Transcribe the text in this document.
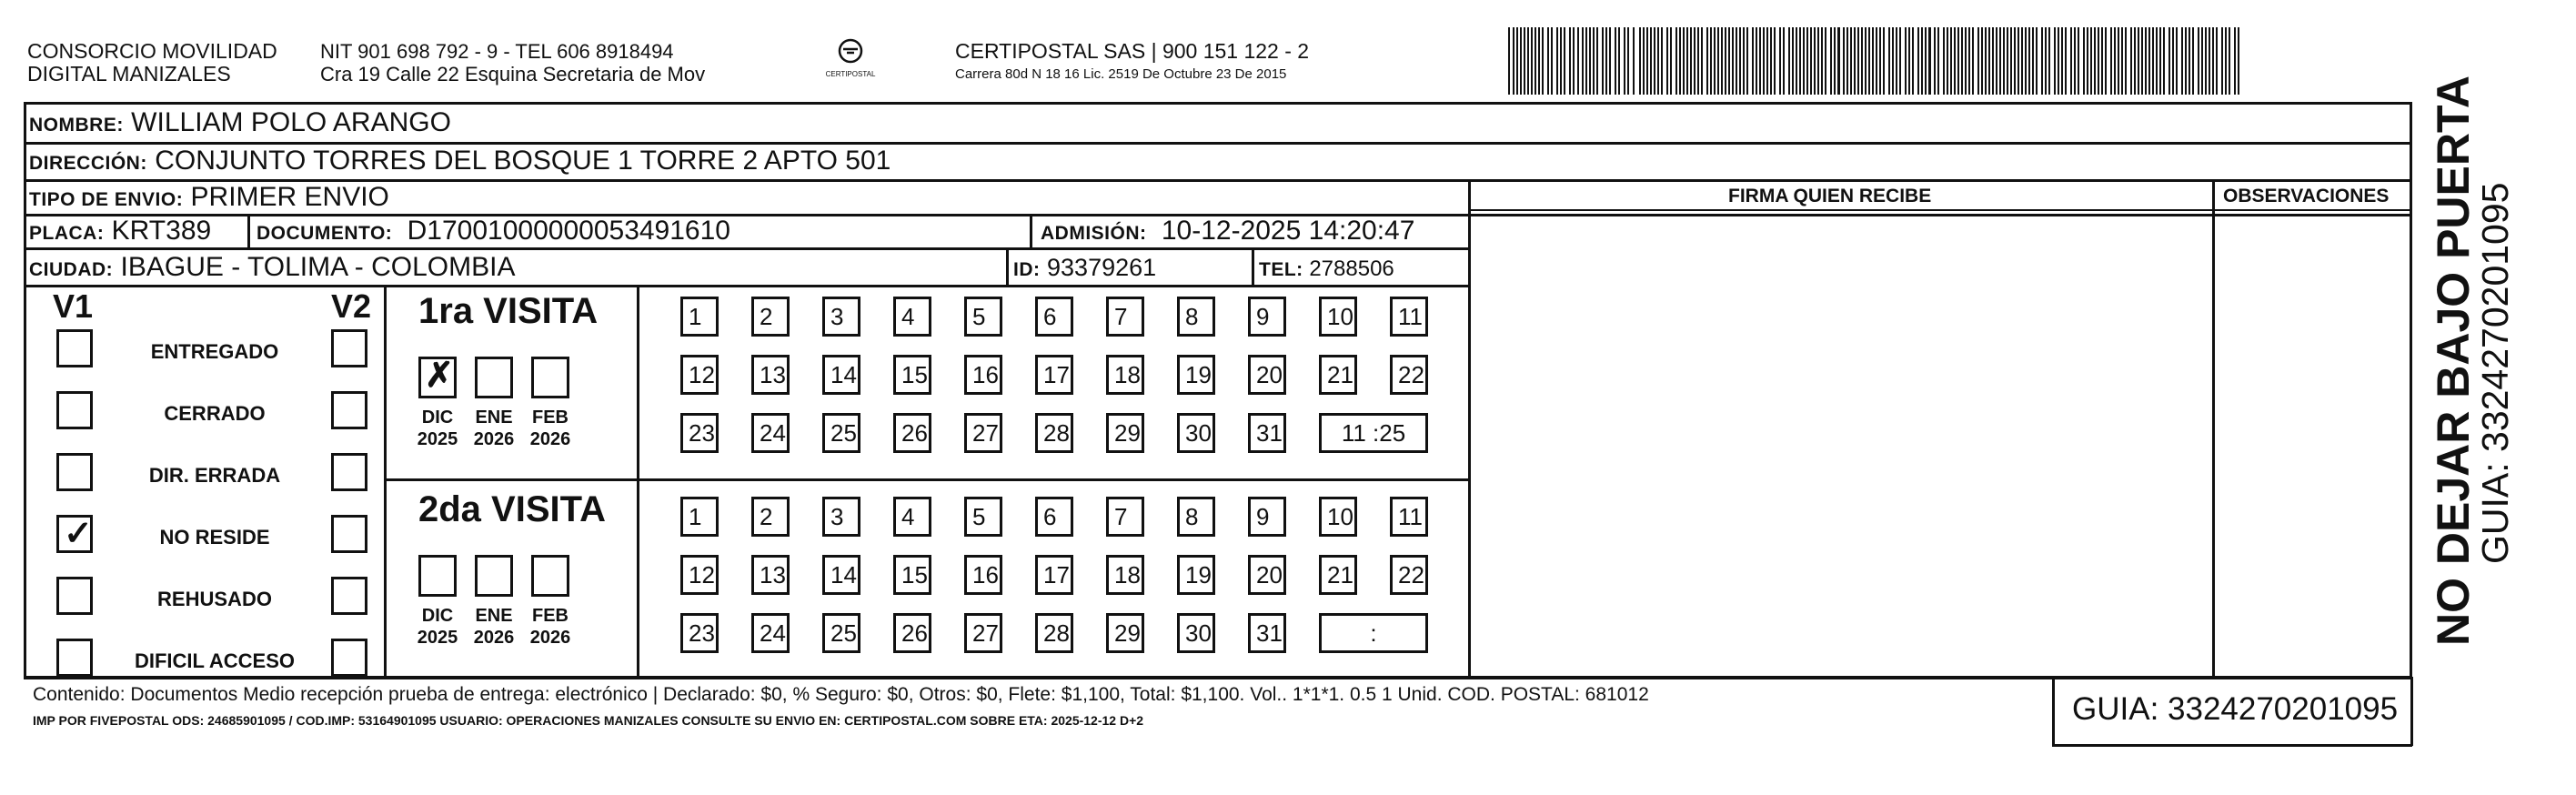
CONSORCIO MOVILIDAD
DIGITAL MANIZALES
NIT 901 698 792 - 9 - TEL 606 8918494
Cra 19 Calle 22 Esquina Secretaria de Mov	CERTIPOSTAL
CERTIPOSTAL SAS | 900 151 122 - 2
Carrera 80d N 18 16 Lic. 2519 De Octubre 23 De 2015
NOMBRE: WILLIAM POLO ARANGO
DIRECCIÓN: CONJUNTO TORRES DEL BOSQUE 1 TORRE 2 APTO 501
TIPO DE ENVIO: PRIMER ENVIO
PLACA: KRT389 DOCUMENTO: D17001000000053491610	ADMISIÓN: 10-12-2025 14:20:47
CIUDAD: IBAGUE - TOLIMA - COLOMBIA	ID: 93379261	TEL: 2788506
FIRMA QUIEN RECIBE	OBSERVACIONES
V1	V2
ENTREGADO
CERRADO
DIR. ERRADA
NO RESIDE
✓
REHUSADO
DIFICIL ACCESO
1ra VISITA
2da VISITA
DIC
2025
✗
ENE
2026
FEB
2026
DIC
2025
ENE
2026
FEB
2026
1	2	3	4	5	6	7	8	9	10	11
12	13	14	15	16	17	18	19	20	21	22
23	24	25	26	27	28	29	30	31	11 :25
1	2	3	4	5	6	7	8	9	10	11
12	13	14	15	16	17	18	19	20	21	22
23	24	25	26	27	28	29	30	31	:
Contenido: Documentos Medio recepción prueba de entrega: electrónico | Declarado: $0, % Seguro: $0, Otros: $0, Flete: $1,100, Total: $1,100. Vol.. 1*1*1. 0.5 1 Unid. COD. POSTAL: 681012
IMP POR FIVEPOSTAL ODS: 24685901095 / COD.IMP: 53164901095 USUARIO: OPERACIONES MANIZALES CONSULTE SU ENVIO EN: CERTIPOSTAL.COM SOBRE ETA: 2025-12-12 D+2	GUIA: 3324270201095
NO DEJAR BAJO PUERTA
GUIA: 3324270201095
